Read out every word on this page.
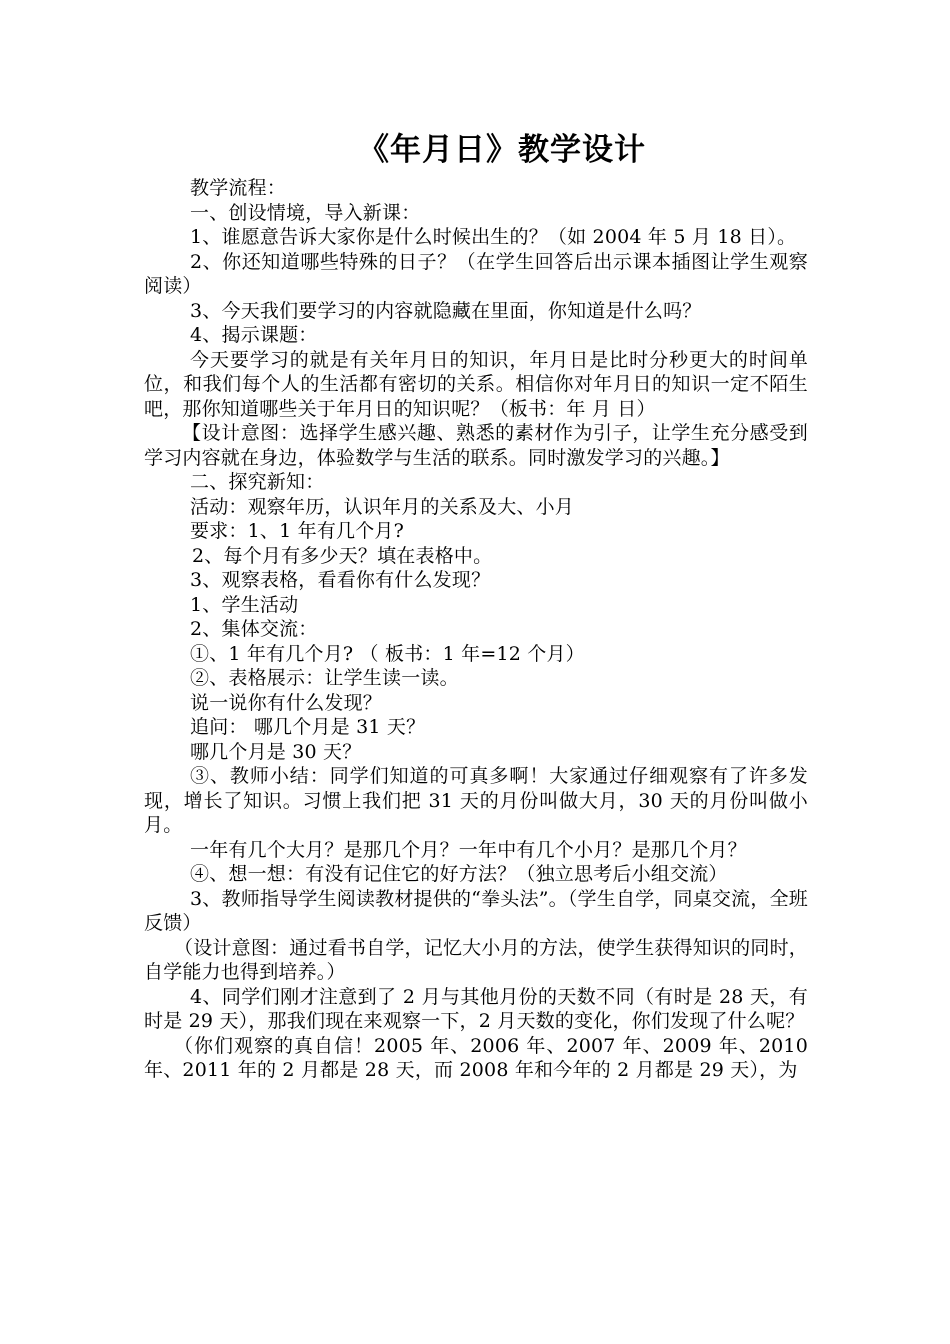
《年月日》教学设计

教学流程：

一、创设情境，导入新课：

1、谁愿意告诉大家你是什么时候出生的？（如 2004 年 5 月 18 日）。

2、你还知道哪些特殊的日子？（在学生回答后出示课本插图让学生观察阅读）

3、今天我们要学习的内容就隐藏在里面，你知道是什么吗？

4、揭示课题：

今天要学习的就是有关年月日的知识，年月日是比时分秒更大的时间单位，和我们每个人的生活都有密切的关系。相信你对年月日的知识一定不陌生吧，那你知道哪些关于年月日的知识呢？（板书：年 月 日）

【设计意图：选择学生感兴趣、熟悉的素材作为引子，让学生充分感受到学习内容就在身边，体验数学与生活的联系。同时激发学习的兴趣。】

二、探究新知：

活动：观察年历，认识年月的关系及大、小月

要求：1、1 年有几个月?

2、每个月有多少天？填在表格中。

3、观察表格，看看你有什么发现？

1、学生活动

2、集体交流：

①、1 年有几个月? （ 板书：1 年=12 个月）

②、表格展示：让学生读一读。

说一说你有什么发现？

追问： 哪几个月是 31 天？

哪几个月是 30 天？

③、教师小结：同学们知道的可真多啊！大家通过仔细观察有了许多发现，增长了知识。习惯上我们把 31 天的月份叫做大月，30 天的月份叫做小月。

一年有几个大月？是那几个月？一年中有几个小月？是那几个月？

④、想一想：有没有记住它的好方法？（独立思考后小组交流）

3、教师指导学生阅读教材提供的“拳头法”。（学生自学，同桌交流，全班反馈）

（设计意图：通过看书自学，记忆大小月的方法，使学生获得知识的同时，自学能力也得到培养。）

4、同学们刚才注意到了 2 月与其他月份的天数不同（有时是 28 天，有时是 29 天），那我们现在来观察一下，2 月天数的变化，你们发现了什么呢？

（你们观察的真自信！2005 年、2006 年、2007 年、2009 年、2010 年、2011 年的 2 月都是 28 天，而 2008 年和今年的 2 月都是 29 天），为
